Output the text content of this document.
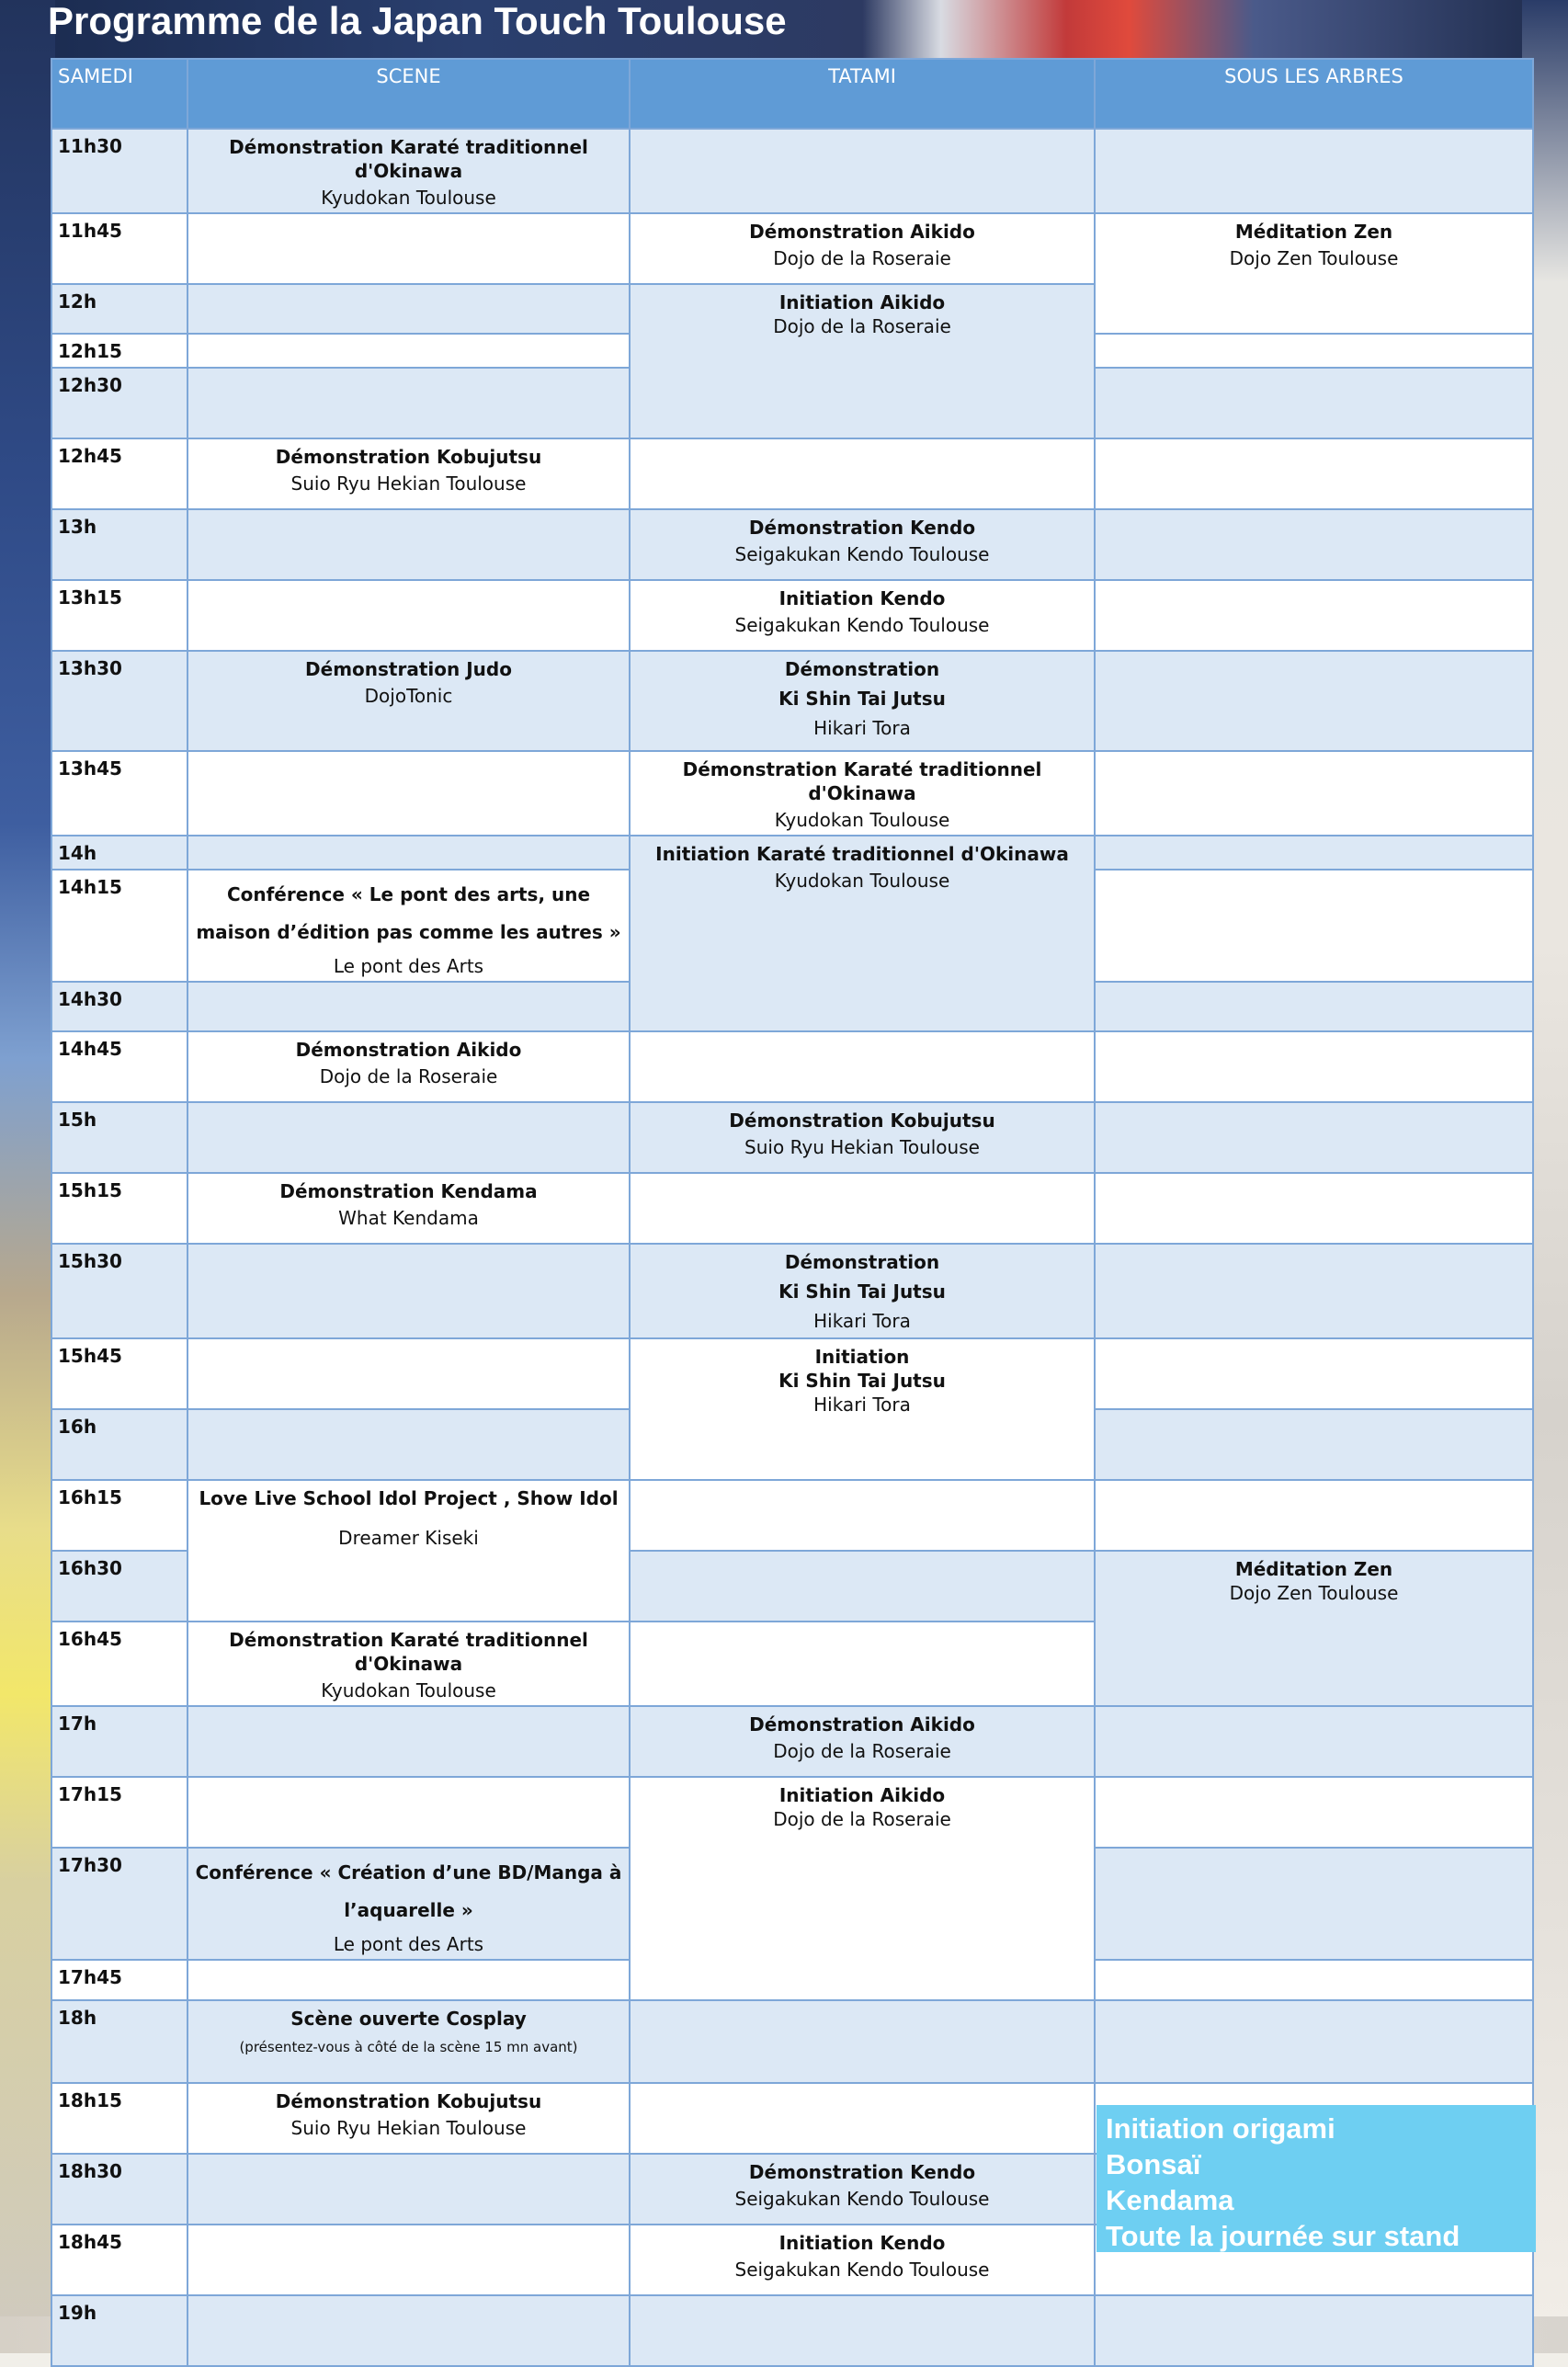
Programme de la Japan Touch Toulouse
SAMEDI	SCENE	TATAMI	SOUS LES ARBRES
11h30	Démonstration Karaté traditionnel d'Okinawa
Kyudokan Toulouse		

11h45		Démonstration Aikido
Dojo de la Roseraie	Méditation Zen
Dojo Zen Toulouse

12h		Initiation Aikido
Dojo de la Roseraie	

12h15			
12h30			
12h45	Démonstration Kobujutsu
Suio Ryu Hekian Toulouse		

13h		Démonstration Kendo
Seigakukan Kendo Toulouse	

13h15		Initiation Kendo
Seigakukan Kendo Toulouse	

13h30	Démonstration Judo
DojoTonic	Démonstration
Ki Shin Tai Jutsu
Hikari Tora	

13h45		Démonstration Karaté traditionnel d'Okinawa
Kyudokan Toulouse	

14h		Initiation Karaté traditionnel d'Okinawa
Kyudokan Toulouse	

14h15	Conférence « Le pont des arts, une maison d’édition pas comme les autres »
Le pont des Arts		

14h30			
14h45	Démonstration Aikido
Dojo de la Roseraie		

15h		Démonstration Kobujutsu
Suio Ryu Hekian Toulouse	

15h15	Démonstration Kendama
What Kendama		

15h30		Démonstration
Ki Shin Tai Jutsu
Hikari Tora	

15h45		Initiation
Ki Shin Tai Jutsu
Hikari Tora	

16h			
16h15	Love Live School Idol Project , Show Idol
Dreamer Kiseki		

16h30			Méditation Zen
Dojo Zen Toulouse

16h45	Démonstration Karaté traditionnel d'Okinawa
Kyudokan Toulouse		

17h		Démonstration Aikido
Dojo de la Roseraie	

17h15		Initiation Aikido
Dojo de la Roseraie	

17h30	Conférence « Création d’une BD/Manga à l’aquarelle »
Le pont des Arts		

17h45			
18h	Scène ouverte Cosplay
(présentez-vous à côté de la scène 15 mn avant)		

18h15	Démonstration Kobujutsu
Suio Ryu Hekian Toulouse		

18h30		Démonstration Kendo
Seigakukan Kendo Toulouse	

18h45		Initiation Kendo
Seigakukan Kendo Toulouse	

19h			
Initiation origami
Bonsaï
Kendama
Toute la journée sur stand
